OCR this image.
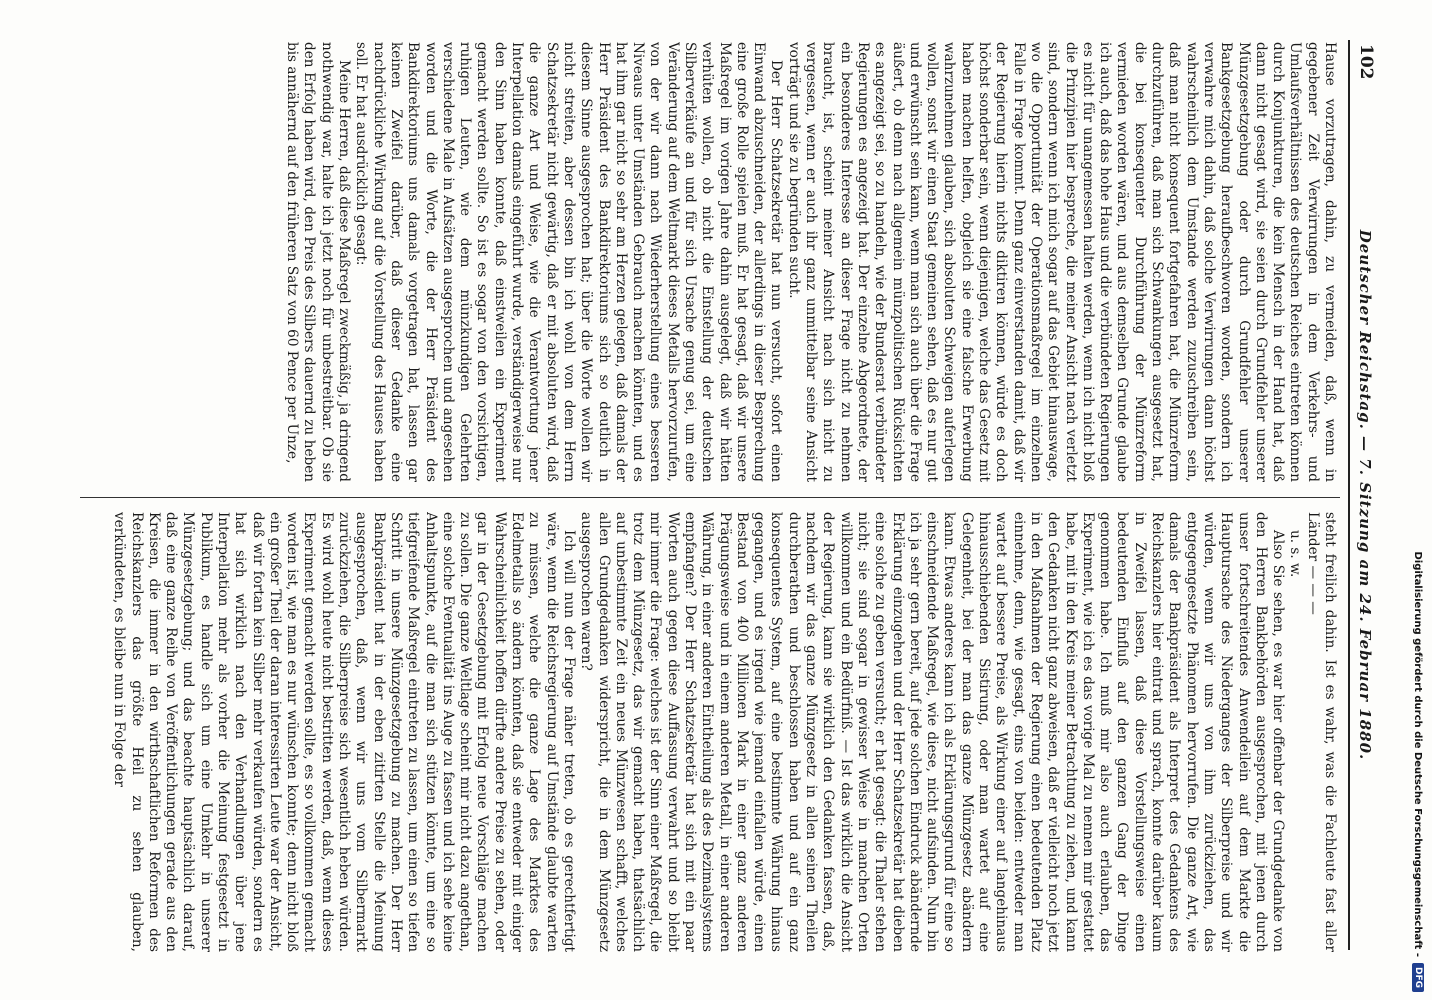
102
Deutscher Reichstag. — 7. Sitzung am 24. Februar 1880.

Hause vorzutragen, dahin, zu vermeiden, daß, wenn in gegebener Zeit Verwirrungen in dem Verkehrs- und Umlaufsverhältnissen des deutschen Reiches eintreten können durch Konjunkturen, die kein Mensch in der Hand hat, daß dann nicht gesagt wird, sie seien durch Grundfehler unserer Münzgesetzgebung oder durch Grundfehler unserer Bankgesetzgebung heraufbeschworen worden, sondern ich verwahre mich dahin, daß solche Verwirrungen dann höchst wahrscheinlich dem Umstande werden zuzuschreiben sein, daß man nicht konsequent fortgefahren hat, die Münzreform durchzuführen, daß man sich Schwankungen ausgesetzt hat, die bei konsequenter Durchführung der Münzreform vermieden worden wären, und aus demselben Grunde glaube ich auch, daß das hohe Haus und die verbündeten Regierungen es nicht für unangemessen halten werden, wenn ich nicht bloß die Prinzipien hier bespreche, die meiner Ansicht nach verletzt sind, sondern wenn ich mich sogar auf das Gebiet hinauswage, wo die Opportunität der Operationsmaßregel im einzelnen Falle in Frage kommt. Denn ganz einverstanden damit, daß wir der Regierung hierin nichts diktiren können, würde es doch höchst sonderbar sein, wenn diejenigen, welche das Gesetz mit haben machen helfen, obgleich sie eine falsche Erwerbung wahrzunehmen glauben, sich absoluten Schweigen auferlegen wollen, sonst wir einen Staat gemeinen sehen, daß es nur gut und erwünscht sein kann, wenn man sich auch über die Frage äußert, ob denn nach allgemein münzpolitischen Rücksichten es angezeigt sei, so zu handeln, wie der Bundesrat verbündeter Regierungen es angezeigt hat. Der einzelne Abgeordnete, der ein besonderes Interesse an dieser Frage nicht zu nehmen braucht, ist, scheint meiner Ansicht nach sich nicht zu vergessen, wenn er auch ihr ganz unmittelbar seine Ansicht vorträgt und sie zu begründen sucht.

Der Herr Schatzsekretär hat nun versucht, sofort einen Einwand abzuschneiden, der allerdings in dieser Besprechung eine große Rolle spielen muß. Er hat gesagt, daß wir unsere Maßregel im vorigen Jahre dahin ausgelegt, daß wir hätten verhüten wollen, ob nicht die Einstellung der deutschen Silberverkäufe an und für sich Ursache genug sei, um eine Veränderung auf dem Weltmarkt dieses Metalls hervorzurufen, von der wir dann nach Wiederherstellung eines besseren Niveaus unter Umständen Gebrauch machen könnten, und es hat ihm gar nicht so sehr am Herzen gelegen, daß damals der Herr Präsident des Bankdirektoriums sich so deutlich in diesem Sinne ausgesprochen hat; über die Worte wollen wir nicht streiten, aber dessen bin ich wohl von dem Herrn Schatzsekretär nicht gewärtig, daß er mit absoluten wird, daß die ganze Art und Weise, wie die Verantwortung jener Interpellation damals eingeführt wurde, verständigerweise nur den Sinn haben konnte, daß einstweilen ein Experiment gemacht werden sollte. So ist es sogar von den vorsichtigen, ruhigen Leuten, wie dem münzkundigen Gelehrten verschiedene Male in Aufsätzen ausgesprochen und angesehen worden und die Worte, die der Herr Präsident des Bankdirektoriums uns damals vorgetragen hat, lassen gar keinen Zweifel darüber, daß dieser Gedanke eine nachdrückliche Wirkung auf die Vorstellung des Hauses haben soll. Er hat ausdrücklich gesagt:

Meine Herren, daß diese Maßregel zweckmäßig, ja dringend nothwendig war, halte ich jetzt noch für unbestreitbar. Ob sie den Erfolg haben wird, den Preis des Silbers dauernd zu heben bis annähernd auf den früheren Satz von 60 Pence per Unze,

steht freilich dahin. Ist es wahr, was die Fachleute fast aller Länder — — —

u. s. w.

Also Sie sehen, es war hier offenbar der Grundgedanke von den Herren Bankbehörden ausgesprochen, mit jenen durch unser fortschreitendes Anwendeilein auf dem Markte die Hauptursache des Niederganges der Silberpreise und wir würden, wenn wir uns von ihm zurückziehen, das entgegengesetzte Phänomen hervorrufen. Die ganze Art, wie damals der Bankpräsident als Interpret des Gedankens des Reichskanzlers hier eintrat und sprach, konnte darüber kaum in Zweifel lassen, daß diese Vorstellungsweise einen bedeutenden Einfluß auf den ganzen Gang der Dinge genommen habe. Ich muß mir also auch erlauben, das Experiment, wie ich es das vorige Mal zu nennen mir gestattet habe, mit in den Kreis meiner Betrachtung zu ziehen, und kann den Gedanken nicht ganz abweisen, daß er vielleicht noch jetzt in den Maßnahmen der Regierung einen bedeutenden Platz einnehme, denn, wie gesagt, eins von beiden: entweder man wartet auf bessere Preise, als Wirkung einer auf langehinaus hinausschiebenden Sistirung, oder man wartet auf eine Gelegenheit, bei der man das ganze Münzgesetz abändern kann. Etwas anderes kann ich als Erklärungsgrund für eine so einschneidende Maßregel, wie diese, nicht aufsinden. Nun bin ich ja sehr gern bereit, auf jede solchen Eindruck abändernde Erklärung einzugehen und der Herr Schatzsekretär hat dieben eine solche zu geben versucht; er hat gesagt: die Thaler stehen nicht; sie sind sogar in gewisser Weise in manchen Orten willkommen und ein Bedürfniß. — Ist das wirklich die Ansicht der Regierung, kann sie wirklich den Gedanken fassen, daß, nachdem wir das ganze Münzgesetz in allen seinen Theilen durchberathen und beschlossen haben und auf ein ganz konsequentes System, auf eine bestimmte Währung hinaus gegangen, und es irgend wie jemand einfallen würde, einen Bestand von 400 Millionen Mark in einer ganz anderen Prägungsweise und in einem anderen Metall, in einer anderen Währung, in einer anderen Eintheilung als des Dezimalsystems empfangen? Der Herr Schatzsekretär hat sich mit ein paar Worten auch gegen diese Auffassung verwahrt und so bleibt mir immer die Frage: welches ist der Sinn einer Maßregel, die trotz dem Münzgesetz, das wir gemacht haben, thatsächlich auf unbestimmte Zeit ein neues Münzwesen schafft, welches allen Grundgedanken widerspricht, die in dem Münzgesetz ausgesprochen waren?

Ich will nun der Frage näher treten, ob es gerechtfertigt wäre, wenn die Reichsregierung auf Umstände glaubte warten zu müssen, welche die ganze Lage des Marktes des Edelmetalls so ändern könnten, daß sie entweder mit einiger Wahrscheinlichkeit hoffen dürfte andere Preise zu sehen, oder gar in der Gesetzgebung mit Erfolg neue Vorschläge machen zu sollen. Die ganze Weltlage scheint mir nicht dazu angethan, eine solche Eventualität ins Auge zu fassen und ich sehe keine Anhaltspunkte, auf die man sich stützen könnte, um eine so tiefgreifende Maßregel eintreten zu lassen, um einen so tiefen Schritt in unsere Münzgesetzgebung zu machen. Der Herr Bankpräsident hat in der eben zitirten Stelle die Meinung ausgesprochen, daß, wenn wir uns vom Silbermarkt zurückziehen, die Silberpreise sich wesentlich heben würden. Es wird wohl heute nicht bestritten werden, daß, wenn dieses Experiment gemacht werden sollte, es so vollkommen gemacht worden ist, wie man es nur wünschen konnte; denn nicht bloß ein großer Theil der daran interessirten Leute war der Ansicht, daß wir fortan kein Silber mehr verkaufen würden, sondern es hat sich wirklich nach den Verhandlungen über jene Interpellation mehr als vorher die Meinung festgesetzt in Publikum, es handle sich um eine Umkehr in unserer Münzgesetzgebung; und das beachte hauptsächlich darauf, daß eine ganze Reihe von Veröffentlichungen gerade aus den Kreisen, die immer in den wirthschaftlichen Reformen des Reichskanzlers das größte Heil zu sehen glauben, verkündeten, es bleibe nun in Folge der	Digitalisierung gefördert durch die Deutsche Forschungsgemeinschaft -
DFG
